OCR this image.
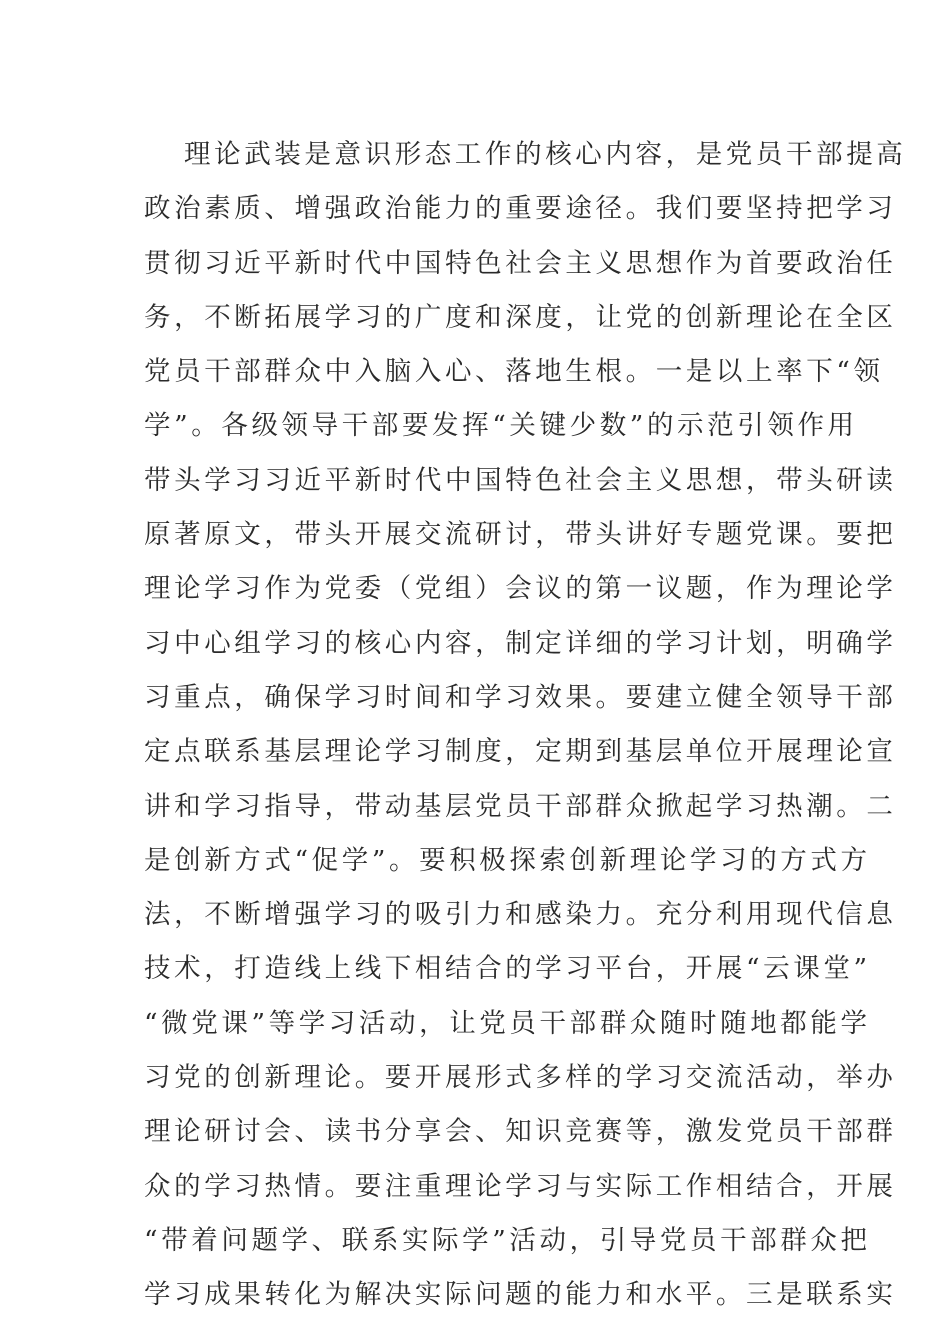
理论武装是意识形态工作的核心内容，是党员干部提高
政治素质、增强政治能力的重要途径。我们要坚持把学习
贯彻习近平新时代中国特色社会主义思想作为首要政治任
务，不断拓展学习的广度和深度，让党的创新理论在全区
党员干部群众中入脑入心、落地生根。一是以上率下“领
学”。各级领导干部要发挥“关键少数”的示范引领作用
带头学习习近平新时代中国特色社会主义思想，带头研读
原著原文，带头开展交流研讨，带头讲好专题党课。要把
理论学习作为党委（党组）会议的第一议题，作为理论学
习中心组学习的核心内容，制定详细的学习计划，明确学
习重点，确保学习时间和学习效果。要建立健全领导干部
定点联系基层理论学习制度，定期到基层单位开展理论宣
讲和学习指导，带动基层党员干部群众掀起学习热潮。二
是创新方式“促学”。要积极探索创新理论学习的方式方
法，不断增强学习的吸引力和感染力。充分利用现代信息
技术，打造线上线下相结合的学习平台，开展“云课堂”
“微党课”等学习活动，让党员干部群众随时随地都能学
习党的创新理论。要开展形式多样的学习交流活动，举办
理论研讨会、读书分享会、知识竞赛等，激发党员干部群
众的学习热情。要注重理论学习与实际工作相结合，开展
“带着问题学、联系实际学”活动，引导党员干部群众把
学习成果转化为解决实际问题的能力和水平。三是联系实
